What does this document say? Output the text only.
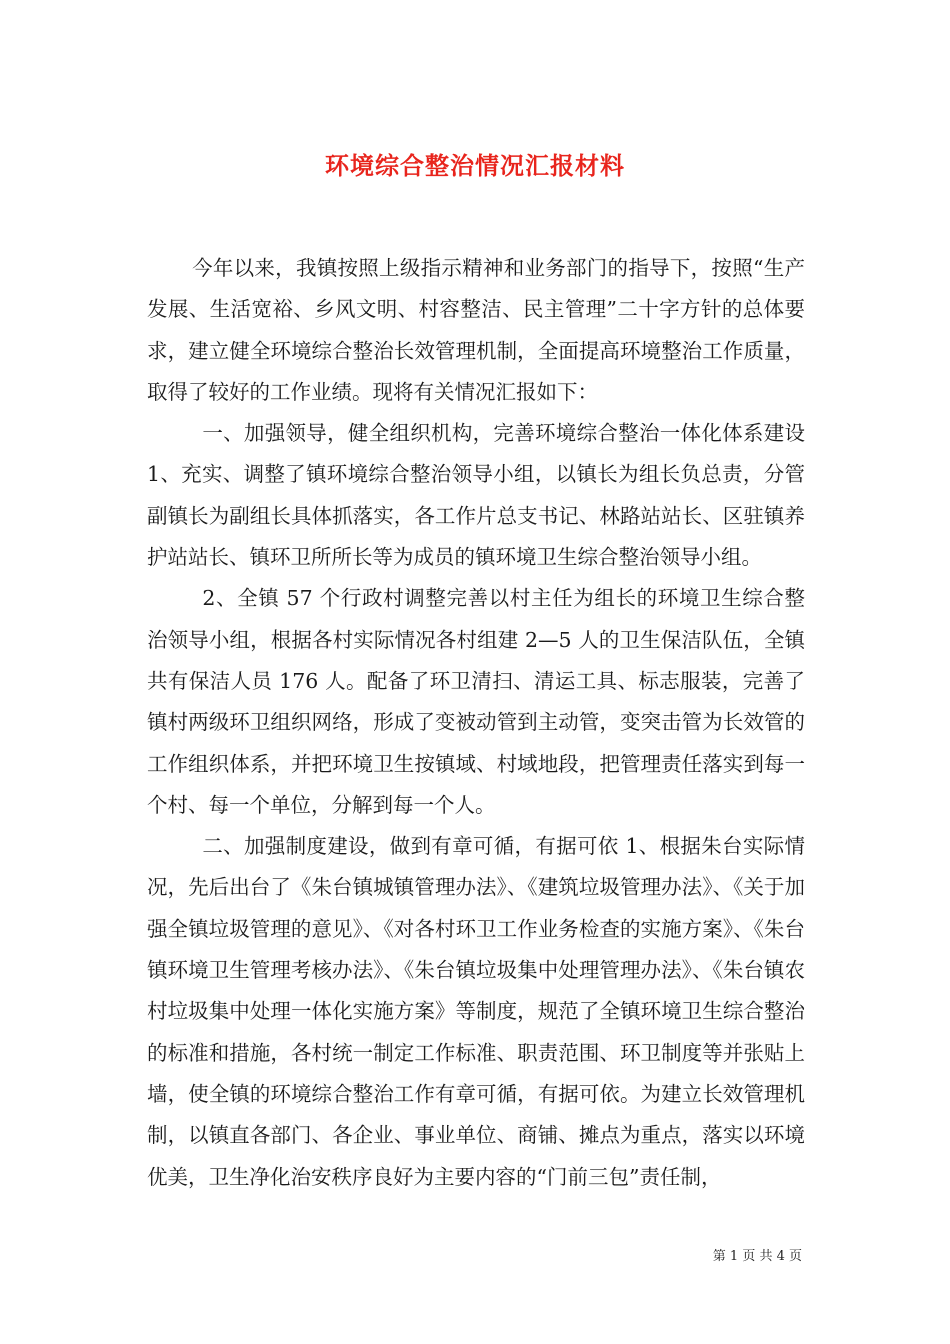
环境综合整治情况汇报材料

今年以来，我镇按照上级指示精神和业务部门的指导下，按照“生产发展、生活宽裕、乡风文明、村容整洁、民主管理”二十字方针的总体要求，建立健全环境综合整治长效管理机制，全面提高环境整治工作质量，取得了较好的工作业绩。现将有关情况汇报如下：

一、加强领导，健全组织机构，完善环境综合整治一体化体系建设 1、充实、调整了镇环境综合整治领导小组，以镇长为组长负总责，分管副镇长为副组长具体抓落实，各工作片总支书记、林路站站长、区驻镇养护站站长、镇环卫所所长等为成员的镇环境卫生综合整治领导小组。

2、全镇 57 个行政村调整完善以村主任为组长的环境卫生综合整治领导小组，根据各村实际情况各村组建 2—5 人的卫生保洁队伍，全镇共有保洁人员 176 人。配备了环卫清扫、清运工具、标志服装，完善了镇村两级环卫组织网络，形成了变被动管到主动管，变突击管为长效管的工作组织体系，并把环境卫生按镇域、村域地段，把管理责任落实到每一个村、每一个单位，分解到每一个人。

二、加强制度建设，做到有章可循，有据可依 1、根据朱台实际情况，先后出台了《朱台镇城镇管理办法》、《建筑垃圾管理办法》、《关于加强全镇垃圾管理的意见》、《对各村环卫工作业务检查的实施方案》、《朱台镇环境卫生管理考核办法》、《朱台镇垃圾集中处理管理办法》、《朱台镇农村垃圾集中处理一体化实施方案》等制度，规范了全镇环境卫生综合整治的标准和措施，各村统一制定工作标准、职责范围、环卫制度等并张贴上墙，使全镇的环境综合整治工作有章可循，有据可依。为建立长效管理机制，以镇直各部门、各企业、事业单位、商铺、摊点为重点，落实以环境优美，卫生净化治安秩序良好为主要内容的“门前三包”责任制，

第 1 页 共 4 页
